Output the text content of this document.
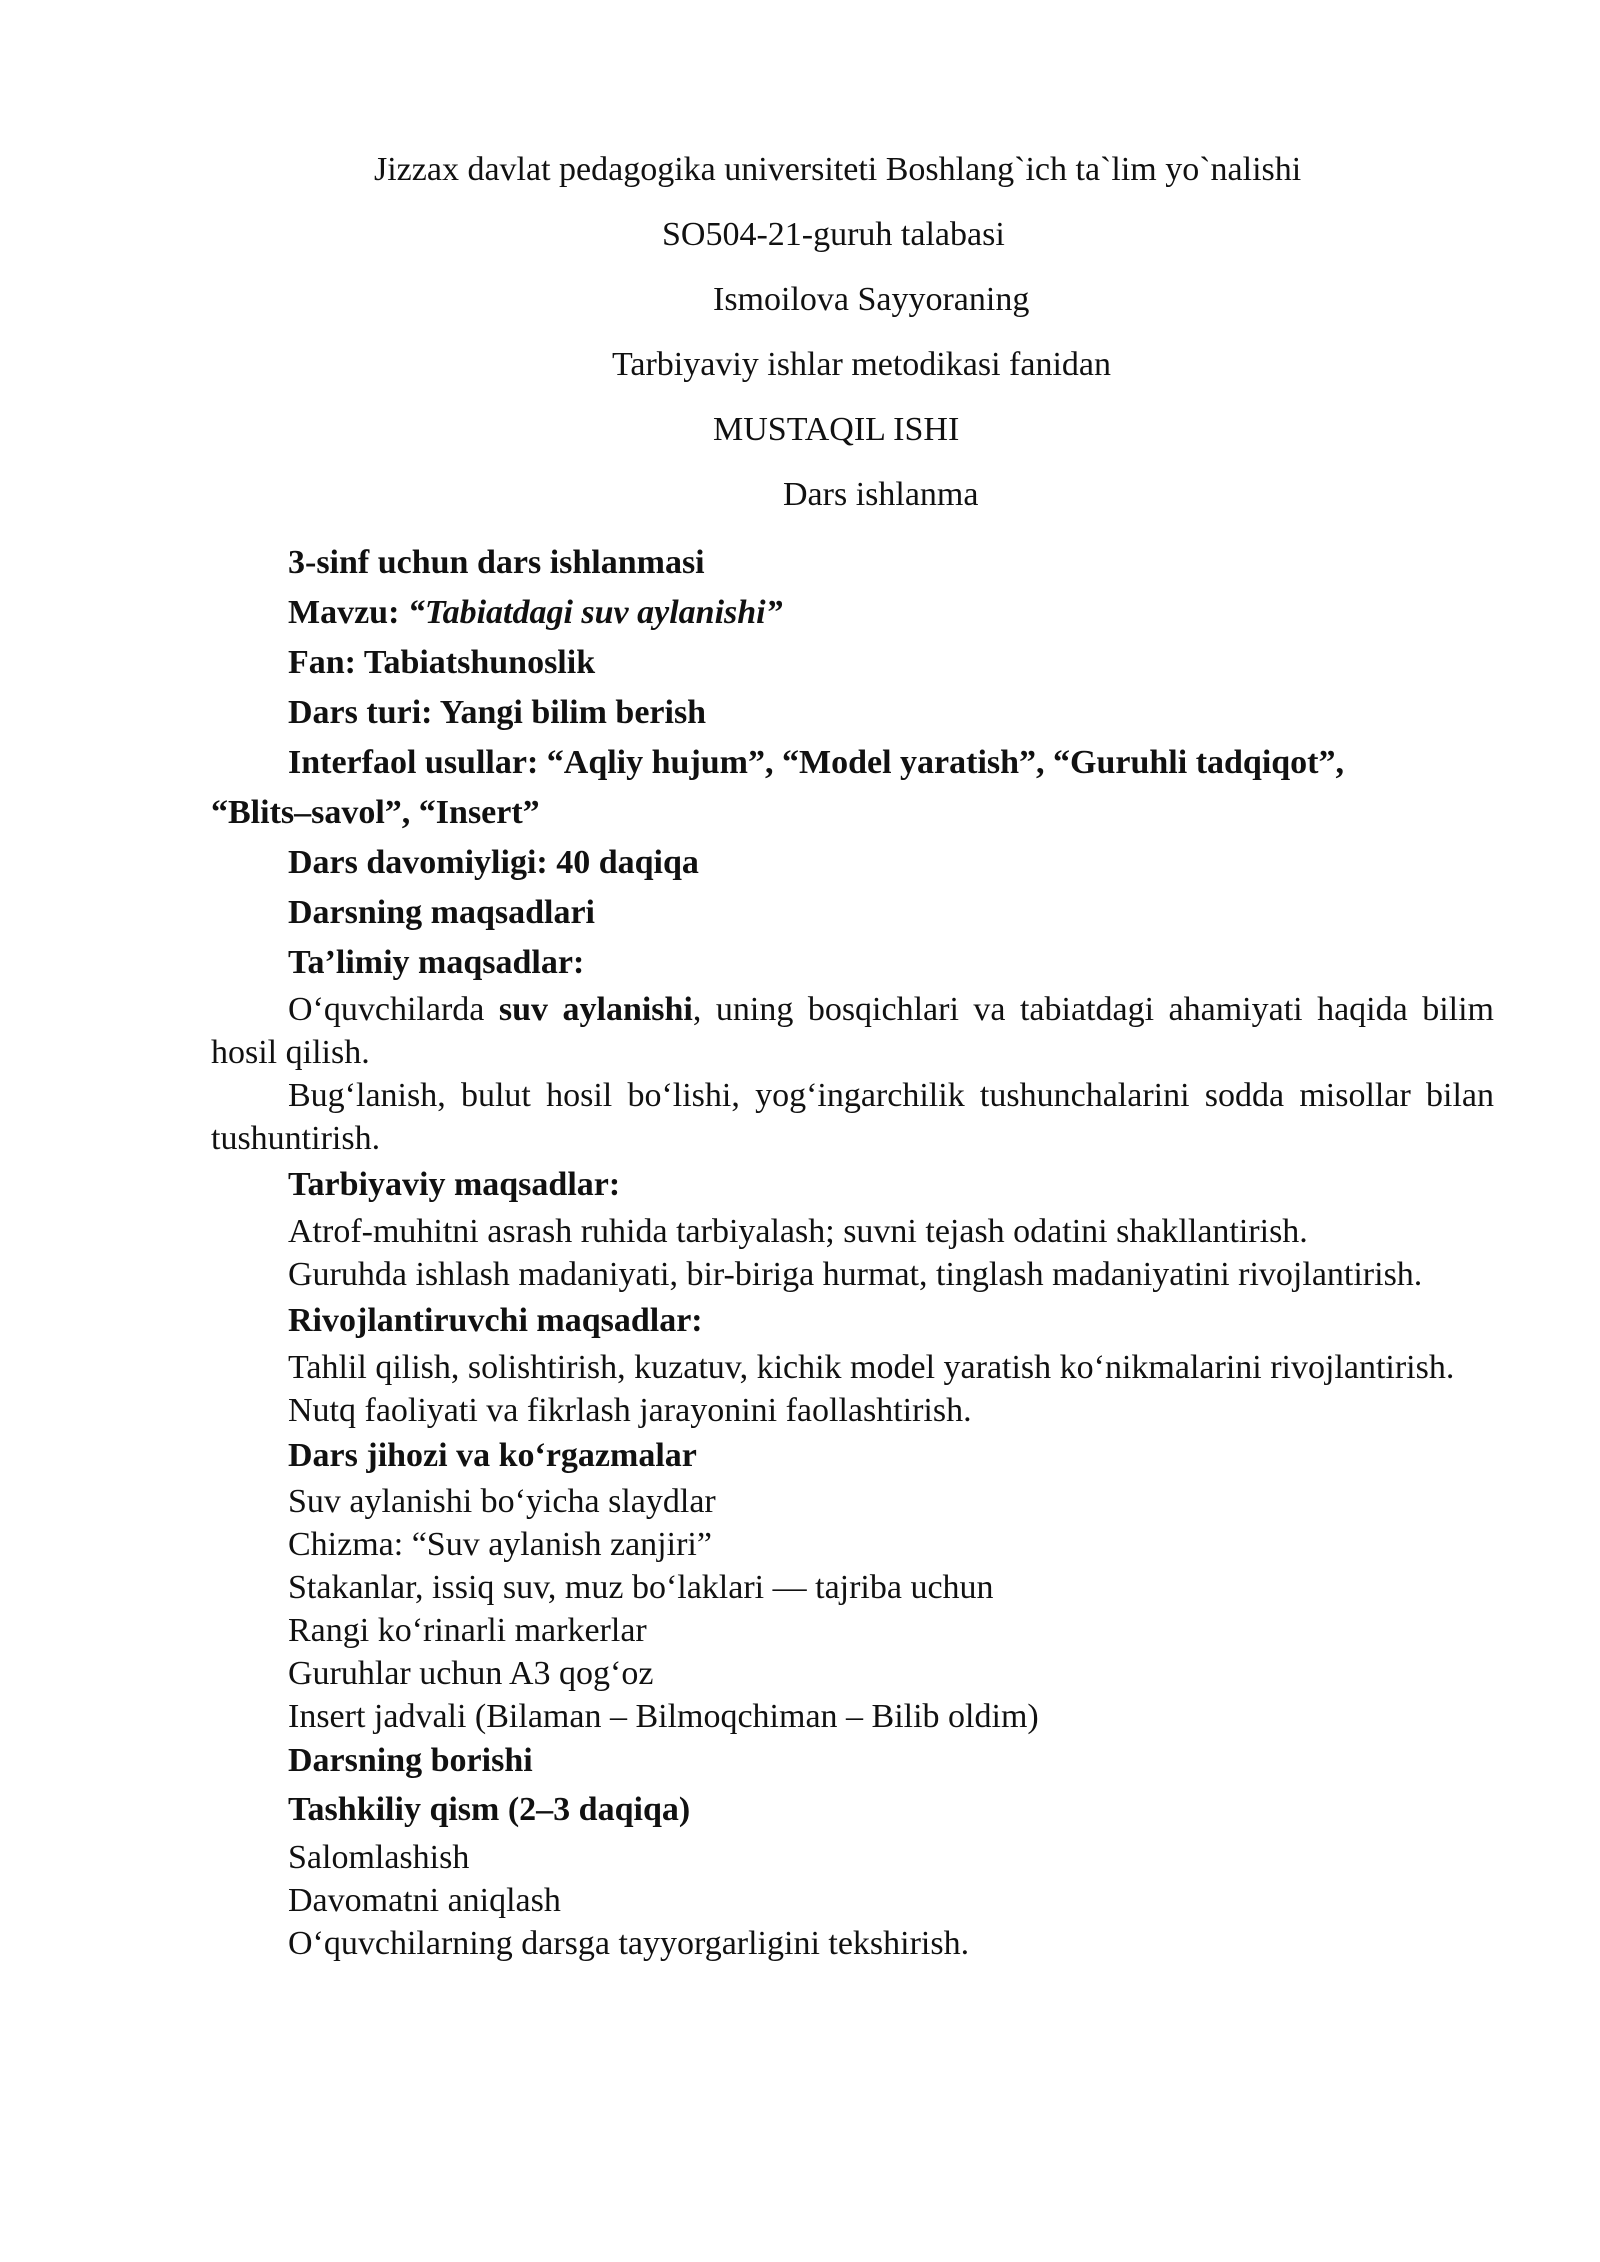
Jizzax davlat pedagogika universiteti Boshlang`ich ta`lim yo`nalishi
SO504-21-guruh talabasi
Ismoilova Sayyoraning
Tarbiyaviy ishlar metodikasi fanidan
MUSTAQIL ISHI
Dars ishlanma

3-sinf uchun dars ishlanmasi

Mavzu: “Tabiatdagi suv aylanishi”

Fan: Tabiatshunoslik

Dars turi: Yangi bilim berish

Interfaol usullar: “Aqliy hujum”, “Model yaratish”, “Guruhli tadqiqot”,

“Blits–savol”, “Insert”

Dars davomiyligi: 40 daqiqa

Darsning maqsadlari

Ta’limiy maqsadlar:

O‘quvchilarda suv aylanishi, uning bosqichlari va tabiatdagi ahamiyati haqida bilim hosil qilish.

Bug‘lanish, bulut hosil bo‘lishi, yog‘ingarchilik tushunchalarini sodda misollar bilan tushuntirish.

Tarbiyaviy maqsadlar:

Atrof-muhitni asrash ruhida tarbiyalash; suvni tejash odatini shakllantirish.

Guruhda ishlash madaniyati, bir-biriga hurmat, tinglash madaniyatini rivojlantirish.

Rivojlantiruvchi maqsadlar:

Tahlil qilish, solishtirish, kuzatuv, kichik model yaratish ko‘nikmalarini rivojlantirish.

Nutq faoliyati va fikrlash jarayonini faollashtirish.

Dars jihozi va ko‘rgazmalar

Suv aylanishi bo‘yicha slaydlar

Chizma: “Suv aylanish zanjiri”

Stakanlar, issiq suv, muz bo‘laklari — tajriba uchun

Rangi ko‘rinarli markerlar

Guruhlar uchun A3 qog‘oz

Insert jadvali (Bilaman – Bilmoqchiman – Bilib oldim)

Darsning borishi

Tashkiliy qism (2–3 daqiqa)

Salomlashish

Davomatni aniqlash

O‘quvchilarning darsga tayyorgarligini tekshirish.
